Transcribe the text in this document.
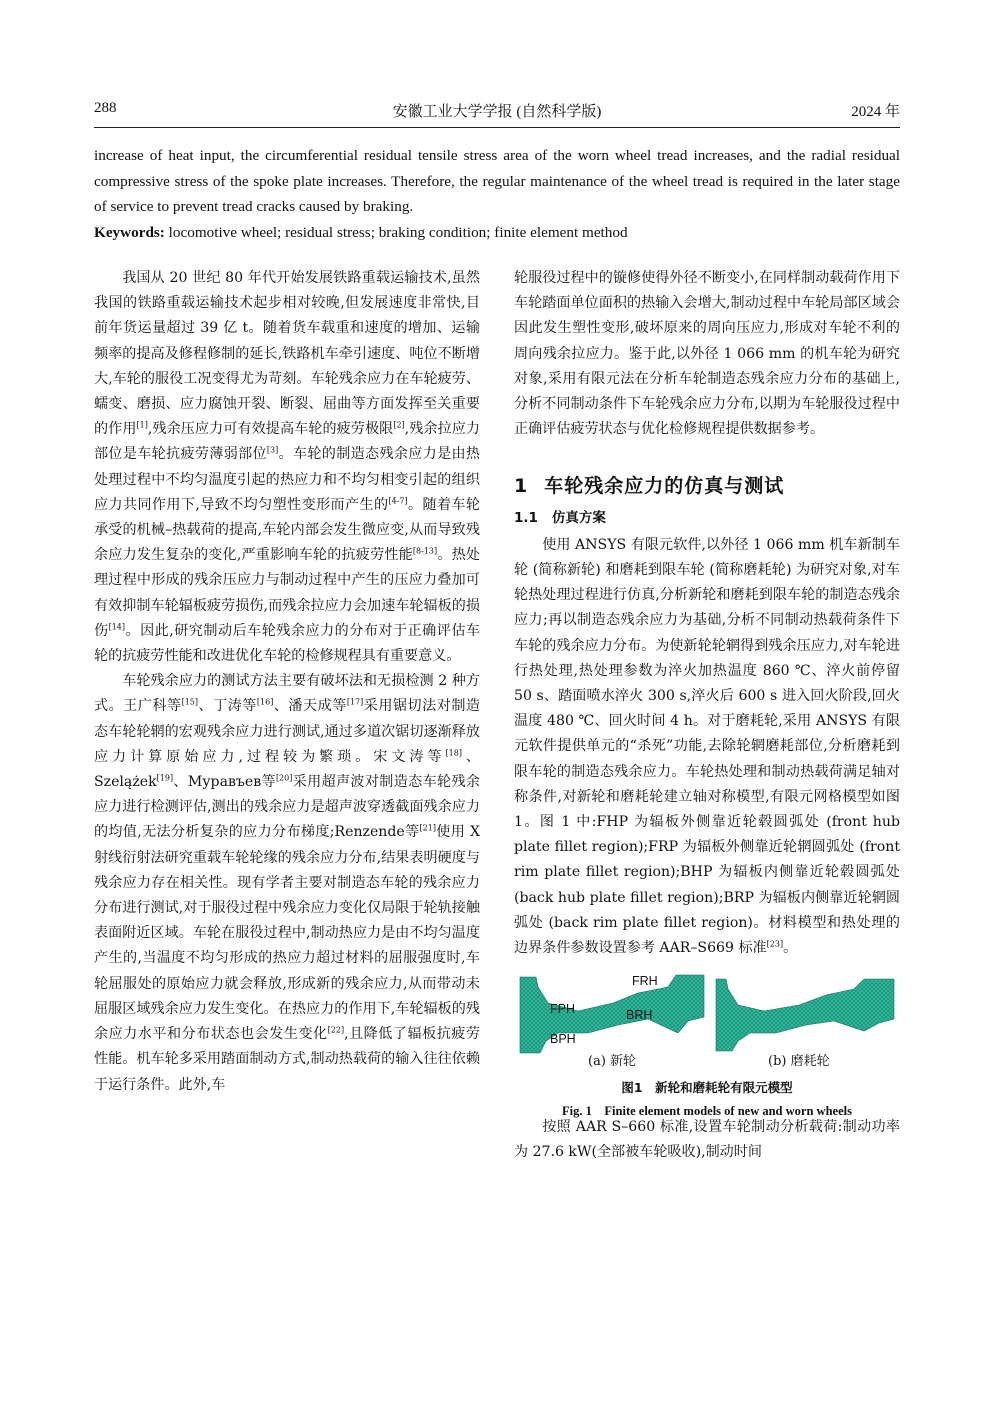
288	安徽工业大学学报 (自然科学版)	2024 年

increase of heat input, the circumferential residual tensile stress area of the worn wheel tread increases, and the radial residual compressive stress of the spoke plate increases. Therefore, the regular maintenance of the wheel tread is required in the later stage of service to prevent tread cracks caused by braking.

Keywords: locomotive wheel; residual stress; braking condition; finite element method

我国从 20 世纪 80 年代开始发展铁路重载运输技术,虽然我国的铁路重载运输技术起步相对较晚,但发展速度非常快,目前年货运量超过 39 亿 t。随着货车载重和速度的增加、运输频率的提高及修程修制的延长,铁路机车牵引速度、吨位不断增大,车轮的服役工况变得尤为苛刻。车轮残余应力在车轮疲劳、蠕变、磨损、应力腐蚀开裂、断裂、屈曲等方面发挥至关重要的作用[1],残余压应力可有效提高车轮的疲劳极限[2],残余拉应力部位是车轮抗疲劳薄弱部位[3]。车轮的制造态残余应力是由热处理过程中不均匀温度引起的热应力和不均匀相变引起的组织应力共同作用下,导致不均匀塑性变形而产生的[4-7]。随着车轮承受的机械–热载荷的提高,车轮内部会发生微应变,从而导致残余应力发生复杂的变化,严重影响车轮的抗疲劳性能[8-13]。热处理过程中形成的残余压应力与制动过程中产生的压应力叠加可有效抑制车轮辐板疲劳损伤,而残余拉应力会加速车轮辐板的损伤[14]。因此,研究制动后车轮残余应力的分布对于正确评估车轮的抗疲劳性能和改进优化车轮的检修规程具有重要意义。

车轮残余应力的测试方法主要有破坏法和无损检测 2 种方式。王广科等[15]、丁涛等[16]、潘天成等[17]采用锯切法对制造态车轮轮辋的宏观残余应力进行测试,通过多道次锯切逐渐释放应力计算原始应力,过程较为繁琐。宋文涛等[18]、Szelążek[19]、Муравъев等[20]采用超声波对制造态车轮残余应力进行检测评估,测出的残余应力是超声波穿透截面残余应力的均值,无法分析复杂的应力分布梯度;Renzende等[21]使用 X 射线衍射法研究重载车轮轮缘的残余应力分布,结果表明硬度与残余应力存在相关性。现有学者主要对制造态车轮的残余应力分布进行测试,对于服役过程中残余应力变化仅局限于轮轨接触表面附近区域。车轮在服役过程中,制动热应力是由不均匀温度产生的,当温度不均匀形成的热应力超过材料的屈服强度时,车轮屈服处的原始应力就会释放,形成新的残余应力,从而带动未屈服区域残余应力发生变化。在热应力的作用下,车轮辐板的残余应力水平和分布状态也会发生变化[22],且降低了辐板抗疲劳性能。机车轮多采用踏面制动方式,制动热载荷的输入往往依赖于运行条件。此外,车

轮服役过程中的镟修使得外径不断变小,在同样制动载荷作用下车轮踏面单位面积的热输入会增大,制动过程中车轮局部区域会因此发生塑性变形,破坏原来的周向压应力,形成对车轮不利的周向残余拉应力。鉴于此,以外径 1 066 mm 的机车轮为研究对象,采用有限元法在分析车轮制造态残余应力分布的基础上,分析不同制动条件下车轮残余应力分布,以期为车轮服役过程中正确评估疲劳状态与优化检修规程提供数据参考。

1 车轮残余应力的仿真与测试
1.1 仿真方案

使用 ANSYS 有限元软件,以外径 1 066 mm 机车新制车轮 (简称新轮) 和磨耗到限车轮 (简称磨耗轮) 为研究对象,对车轮热处理过程进行仿真,分析新轮和磨耗到限车轮的制造态残余应力;再以制造态残余应力为基础,分析不同制动热载荷条件下车轮的残余应力分布。为使新轮轮辋得到残余压应力,对车轮进行热处理,热处理参数为淬火加热温度 860 ℃、淬火前停留 50 s、踏面喷水淬火 300 s,淬火后 600 s 进入回火阶段,回火温度 480 ℃、回火时间 4 h。对于磨耗轮,采用 ANSYS 有限元软件提供单元的“杀死”功能,去除轮辋磨耗部位,分析磨耗到限车轮的制造态残余应力。车轮热处理和制动热载荷满足轴对称条件,对新轮和磨耗轮建立轴对称模型,有限元网格模型如图 1。图 1 中:FHP 为辐板外侧靠近轮毂圆弧处 (front hub plate fillet region);FRP 为辐板外侧靠近轮辋圆弧处 (front rim plate fillet region);BHP 为辐板内侧靠近轮毂圆弧处 (back hub plate fillet region);BRP 为辐板内侧靠近轮辋圆弧处 (back rim plate fillet region)。材料模型和热处理的边界条件参数设置参考 AAR–S669 标准[23]。

FRH
FPH	BRH
BPH
(a) 新轮	(b) 磨耗轮
图1　新轮和磨耗轮有限元模型
Fig. 1　Finite element models of new and worn wheels

按照 AAR S–660 标准,设置车轮制动分析载荷:制动功率为 27.6 kW(全部被车轮吸收),制动时间
